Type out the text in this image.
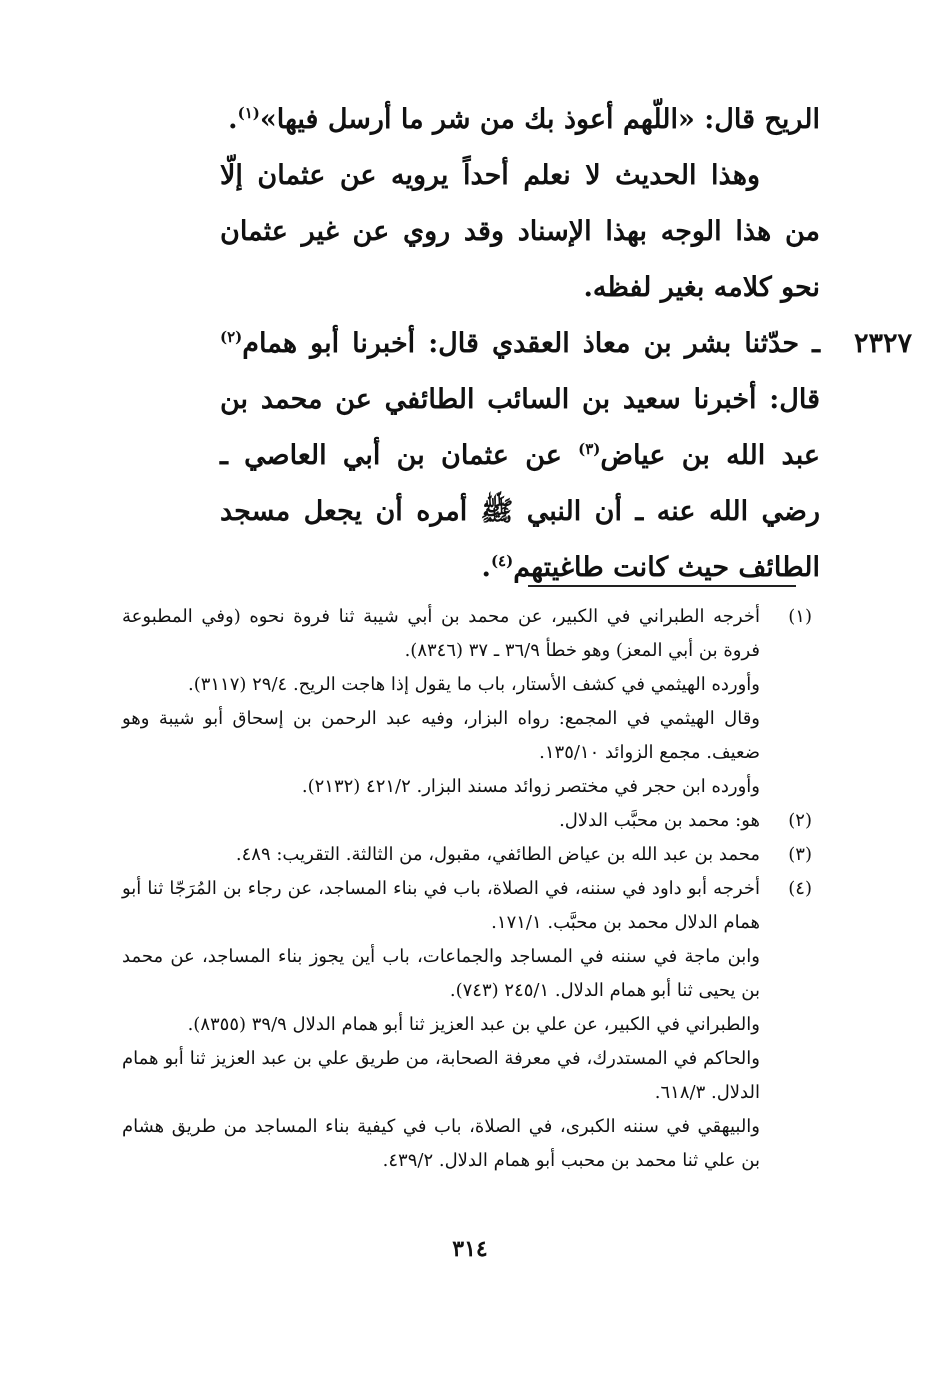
الريح قال: «اللّهم أعوذ بك من شر ما أرسل فيها»$^{(١)}$.

وهذا الحديث لا نعلم أحداً يرويه عن عثمان إلّا من هذا الوجه بهذا الإسناد وقد روي عن غير عثمان نحو كلامه بغير لفظه.

٢٣٢٧
ـ حدّثنا بشر بن معاذ العقدي قال: أخبرنا أبو همام$^{(٢)}$ قال: أخبرنا سعيد بن السائب الطائفي عن محمد بن عبد الله بن عياض$^{(٣)}$ عن عثمان بن أبي العاصي ـ رضي الله عنه ـ أن النبي ﷺ أمره أن يجعل مسجد الطائف حيث كانت طاغيتهم$^{(٤)}$.

(١)
أخرجه الطبراني في الكبير، عن محمد بن أبي شيبة ثنا فروة نحوه (وفي المطبوعة فروة بن أبي المعز) وهو خطأ ٣٦/٩ ـ ٣٧ (٨٣٤٦).
وأورده الهيثمي في كشف الأستار، باب ما يقول إذا هاجت الريح. ٢٩/٤ (٣١١٧).
وقال الهيثمي في المجمع: رواه البزار، وفيه عبد الرحمن بن إسحاق أبو شيبة وهو ضعيف. مجمع الزوائد ١٣٥/١٠.
وأورده ابن حجر في مختصر زوائد مسند البزار. ٤٢١/٢ (٢١٣٢).
(٢)
هو: محمد بن محبَّب الدلال.
(٣)
محمد بن عبد الله بن عياض الطائفي، مقبول، من الثالثة. التقريب: ٤٨٩.
(٤)
أخرجه أبو داود في سننه، في الصلاة، باب في بناء المساجد، عن رجاء بن المُرَجّا ثنا أبو همام الدلال محمد بن محبَّب. ١٧١/١.
وابن ماجة في سننه في المساجد والجماعات، باب أين يجوز بناء المساجد، عن محمد بن يحيى ثنا أبو همام الدلال. ٢٤٥/١ (٧٤٣).
والطبراني في الكبير، عن علي بن عبد العزيز ثنا أبو همام الدلال ٣٩/٩ (٨٣٥٥).
والحاكم في المستدرك، في معرفة الصحابة، من طريق علي بن عبد العزيز ثنا أبو همام الدلال. ٦١٨/٣.
والبيهقي في سننه الكبرى، في الصلاة، باب في كيفية بناء المساجد من طريق هشام بن علي ثنا محمد بن محبب أبو همام الدلال. ٤٣٩/٢.
٣١٤
